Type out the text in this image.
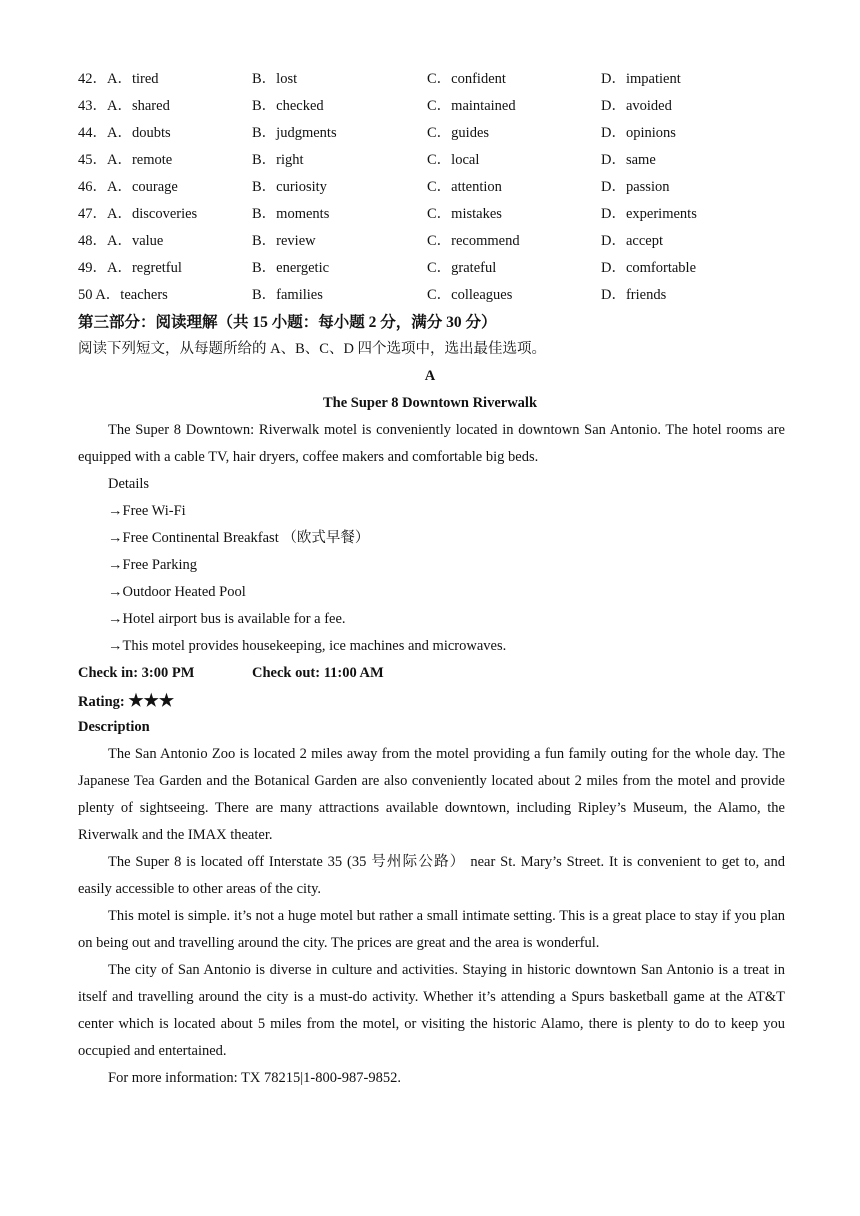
42．A．tired	B．lost	C．confident	D．impatient
43．A．shared	B．checked	C．maintained	D．avoided
44．A．doubts	B．judgments	C．guides	D．opinions
45．A．remote	B．right	C．local	D．same
46．A．courage	B．curiosity	C．attention	D．passion
47．A．discoveries	B．moments	C．mistakes	D．experiments
48．A．value	B．review	C．recommend	D．accept
49．A．regretful	B．energetic	C．grateful	D．comfortable
50 A．teachers	B．families	C．colleagues	D．friends
第三部分：阅读理解（共 15 小题：每小题 2 分，满分 30 分）
阅读下列短文，从每题所给的 A、B、C、D 四个选项中，选出最佳选项。
A
The Super 8 Downtown Riverwalk
The Super 8 Downtown: Riverwalk motel is conveniently located in downtown San Antonio. The hotel rooms are equipped with a cable TV, hair dryers, coffee makers and comfortable big beds.
Details
→Free Wi-Fi
→Free Continental Breakfast （欧式早餐）
→Free Parking
→Outdoor Heated Pool
→Hotel airport bus is available for a fee.
→This motel provides housekeeping, ice machines and microwaves.
Check in: 3:00 PM	Check out: 11:00 AM
Rating: ★★★
Description
The San Antonio Zoo is located 2 miles away from the motel providing a fun family outing for the whole day. The Japanese Tea Garden and the Botanical Garden are also conveniently located about 2 miles from the motel and provide plenty of sightseeing. There are many attractions available downtown, including Ripley’s Museum, the Alamo, the Riverwalk and the IMAX theater.
The Super 8 is located off Interstate 35 (35 号州际公路） near St. Mary’s Street. It is convenient to get to, and easily accessible to other areas of the city.
This motel is simple. it’s not a huge motel but rather a small intimate setting. This is a great place to stay if you plan on being out and travelling around the city. The prices are great and the area is wonderful.
The city of San Antonio is diverse in culture and activities. Staying in historic downtown San Antonio is a treat in itself and travelling around the city is a must-do activity. Whether it’s attending a Spurs basketball game at the AT&T center which is located about 5 miles from the motel, or visiting the historic Alamo, there is plenty to do to keep you occupied and entertained.
For more information: TX 78215|1-800-987-9852.
